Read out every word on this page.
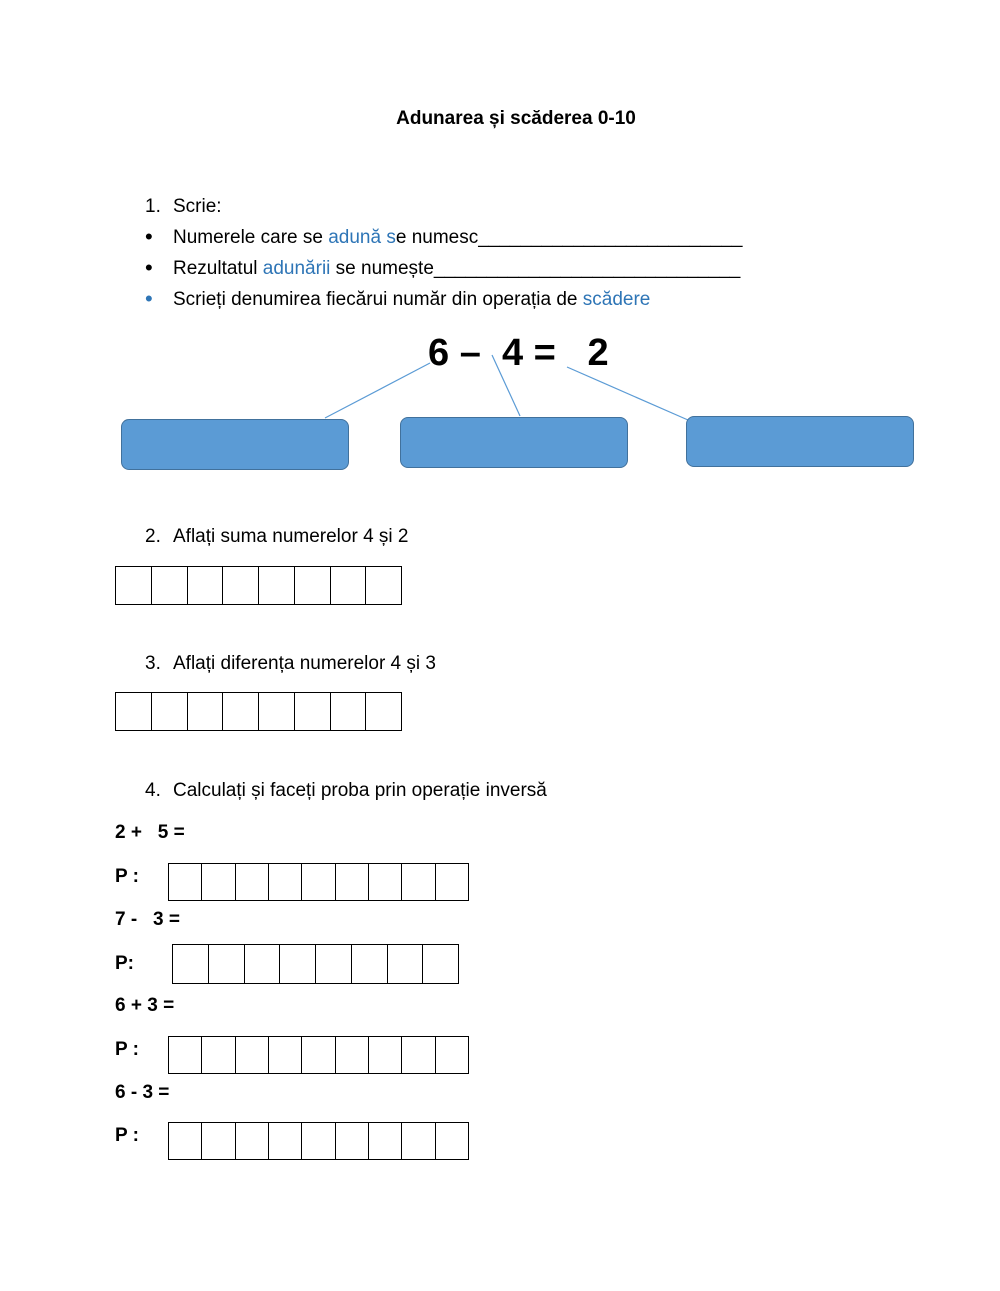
Adunarea și scăderea 0-10
1. Scrie:
• Numerele care se adună se numesc_________________________
• Rezultatul adunării se numește_____________________________
• Scrieți denumirea fiecărui număr din operația de scădere
6 –  4 =   2
2. Aflați suma numerelor 4 și 2
3. Aflați diferența numerelor 4 și 3
4. Calculați și faceți proba prin operație inversă
2 +   5 =
P :
7 -   3 =
P:
6 + 3 =
P :
6 - 3 =
P :
